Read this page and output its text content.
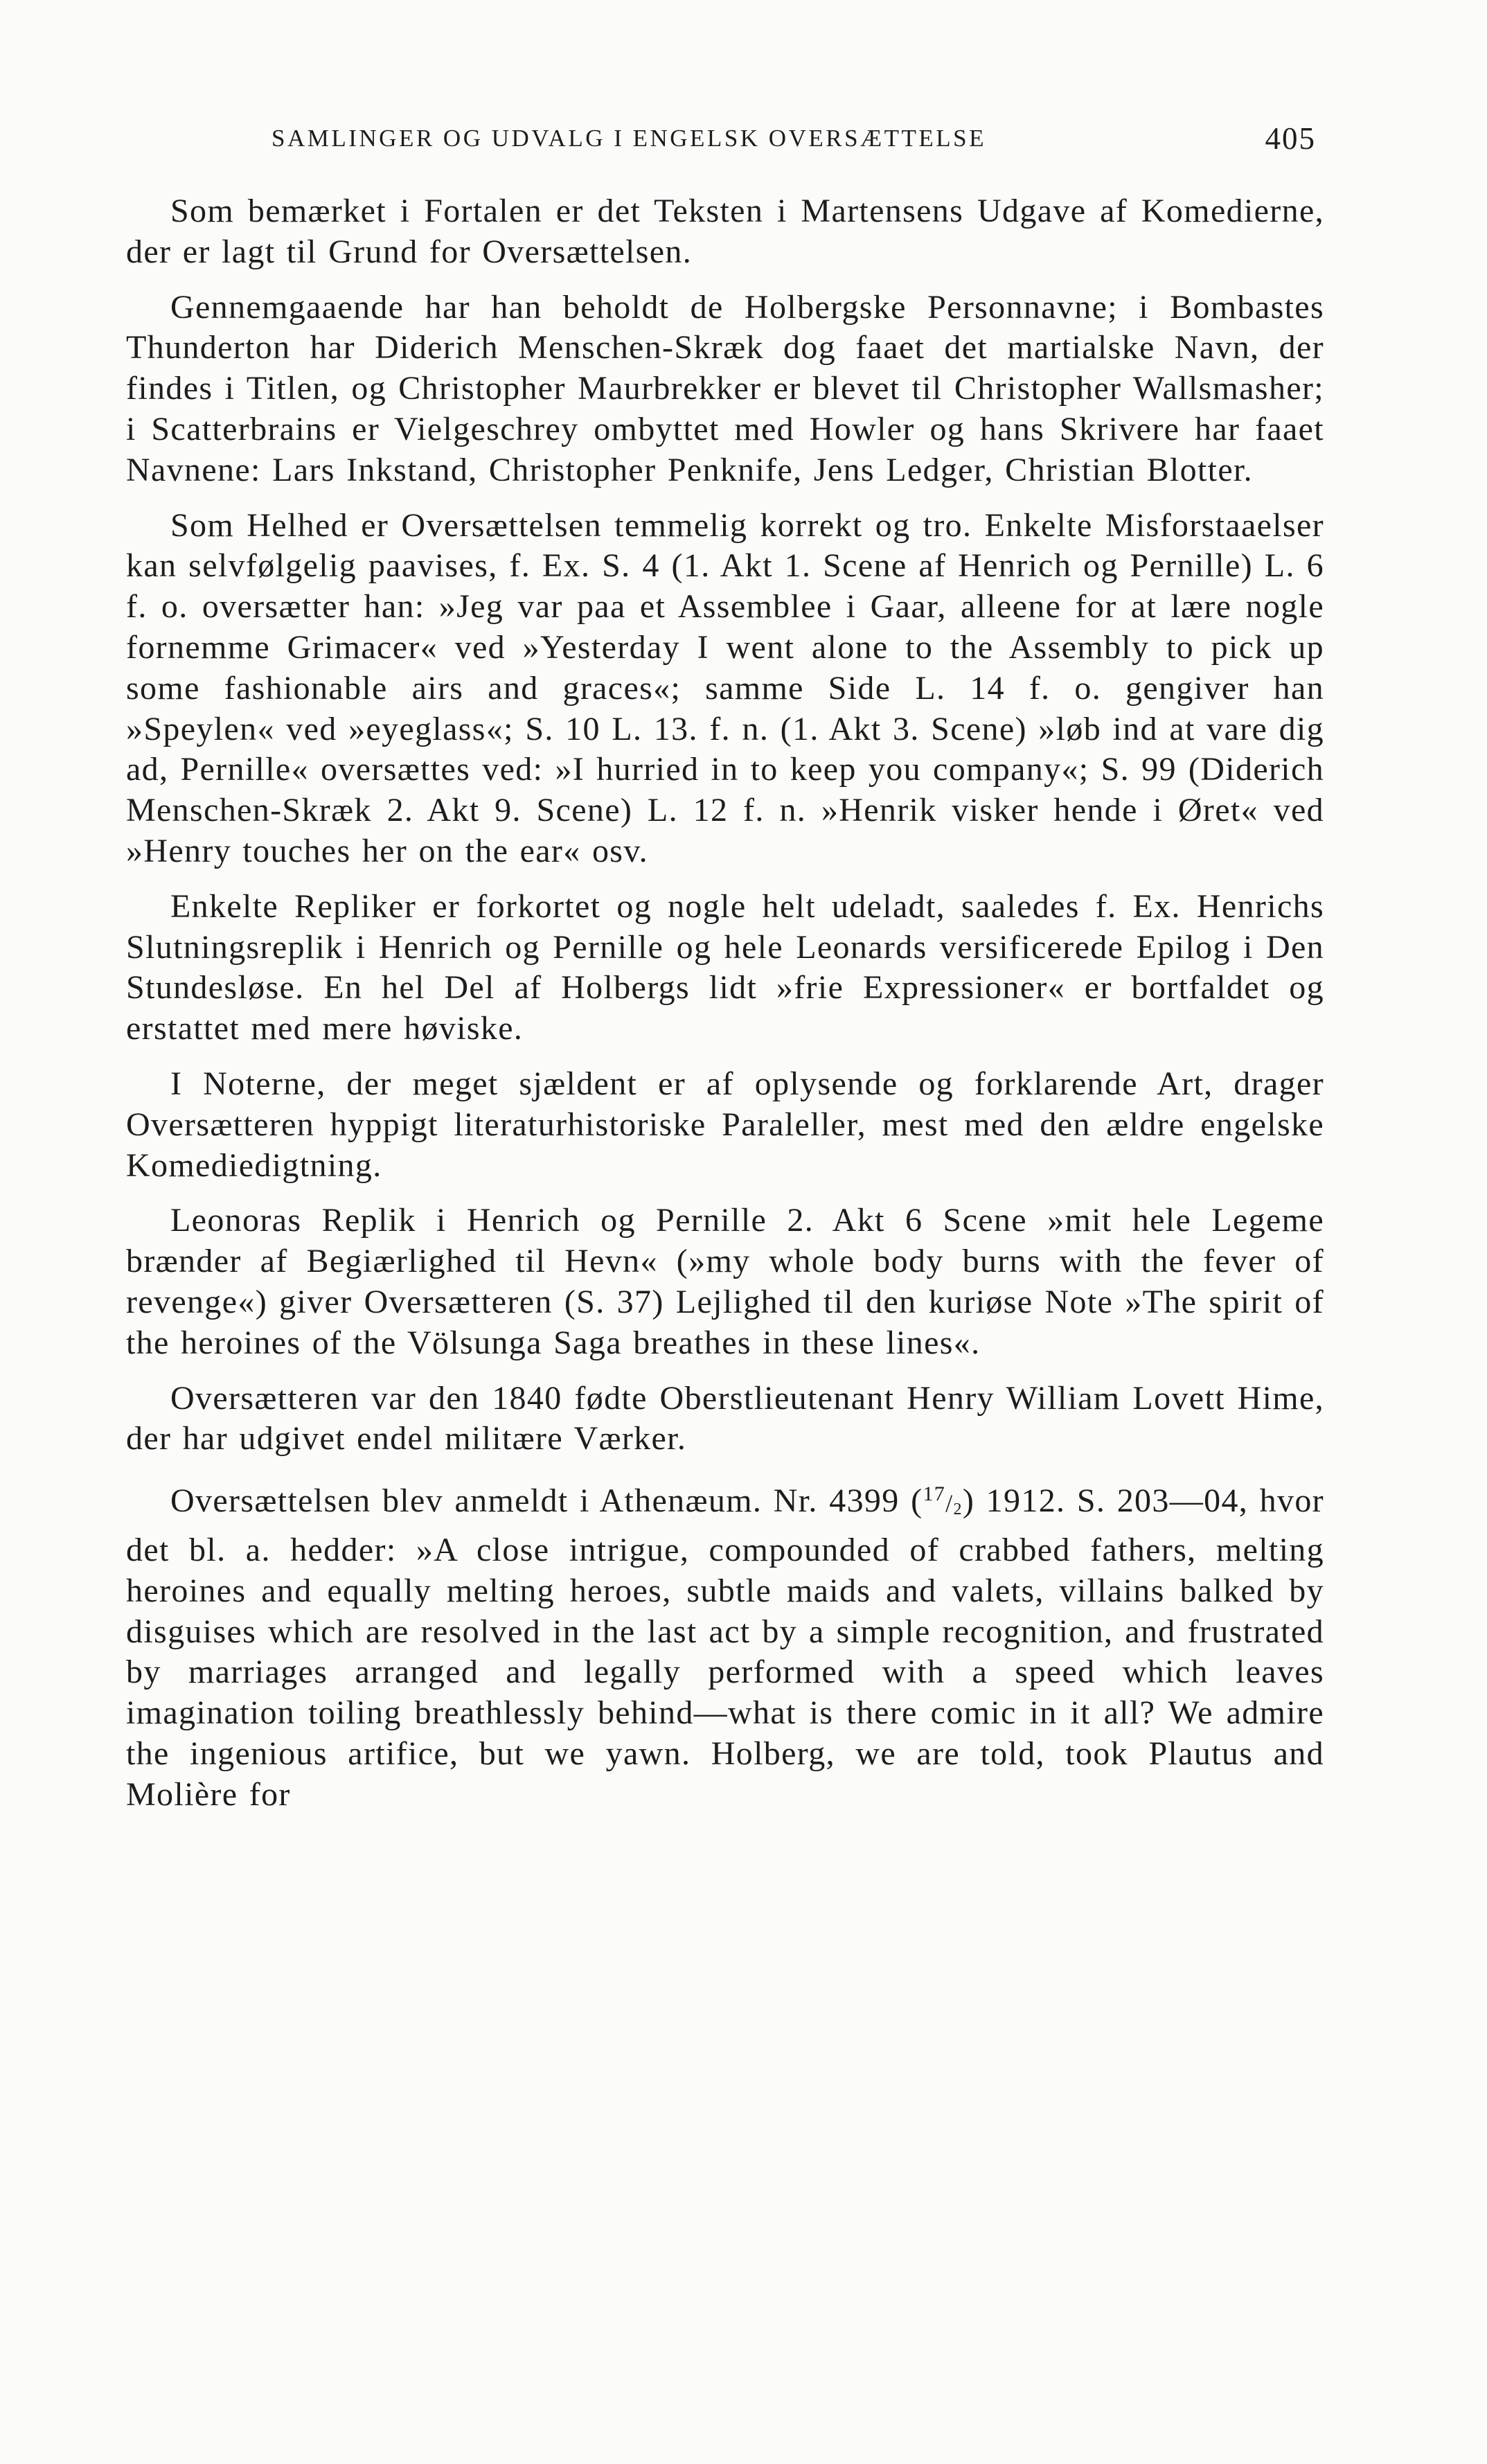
SAMLINGER OG UDVALG I ENGELSK OVERSÆTTELSE	405

Som bemærket i Fortalen er det Teksten i Martensens Udgave af Komedierne, der er lagt til Grund for Oversættelsen.

Gennemgaaende har han beholdt de Holbergske Personnavne; i Bombastes Thunderton har Diderich Menschen-Skræk dog faaet det martialske Navn, der findes i Titlen, og Christopher Maurbrekker er blevet til Christopher Wallsmasher; i Scatterbrains er Vielgeschrey ombyttet med Howler og hans Skrivere har faaet Navnene: Lars Inkstand, Christopher Penknife, Jens Ledger, Christian Blotter.

Som Helhed er Oversættelsen temmelig korrekt og tro. Enkelte Misforstaaelser kan selvfølgelig paavises, f. Ex. S. 4 (1. Akt 1. Scene af Henrich og Pernille) L. 6 f. o. oversætter han: »Jeg var paa et Assemblee i Gaar, alleene for at lære nogle fornemme Grimacer« ved »Yesterday I went alone to the Assembly to pick up some fashionable airs and graces«; samme Side L. 14 f. o. gengiver han »Speylen« ved »eyeglass«; S. 10 L. 13. f. n. (1. Akt 3. Scene) »løb ind at vare dig ad, Pernille« oversættes ved: »I hurried in to keep you company«; S. 99 (Diderich Menschen-Skræk 2. Akt 9. Scene) L. 12 f. n. »Henrik visker hende i Øret« ved »Henry touches her on the ear« osv.

Enkelte Repliker er forkortet og nogle helt udeladt, saaledes f. Ex. Henrichs Slutningsreplik i Henrich og Pernille og hele Leonards versificerede Epilog i Den Stundesløse. En hel Del af Holbergs lidt »frie Expressioner« er bortfaldet og erstattet med mere høviske.

I Noterne, der meget sjældent er af oplysende og forklarende Art, drager Oversætteren hyppigt literaturhistoriske Paraleller, mest med den ældre engelske Komediedigtning.

Leonoras Replik i Henrich og Pernille 2. Akt 6 Scene »mit hele Legeme brænder af Begiærlighed til Hevn« (»my whole body burns with the fever of revenge«) giver Oversætteren (S. 37) Lejlighed til den kuriøse Note »The spirit of the heroines of the Völsunga Saga breathes in these lines«.

Oversætteren var den 1840 fødte Oberstlieutenant Henry William Lovett Hime, der har udgivet endel militære Værker.

Oversættelsen blev anmeldt i Athenæum. Nr. 4399 ($^{17}$/2) 1912. S. 203—04, hvor det bl. a. hedder: »A close intrigue, compounded of crabbed fathers, melting heroines and equally melting heroes, subtle maids and valets, villains balked by disguises which are resolved in the last act by a simple recognition, and frustrated by marriages arranged and legally performed with a speed which leaves imagination toiling breathlessly behind—what is there comic in it all? We admire the ingenious artifice, but we yawn. Holberg, we are told, took Plautus and Molière for
